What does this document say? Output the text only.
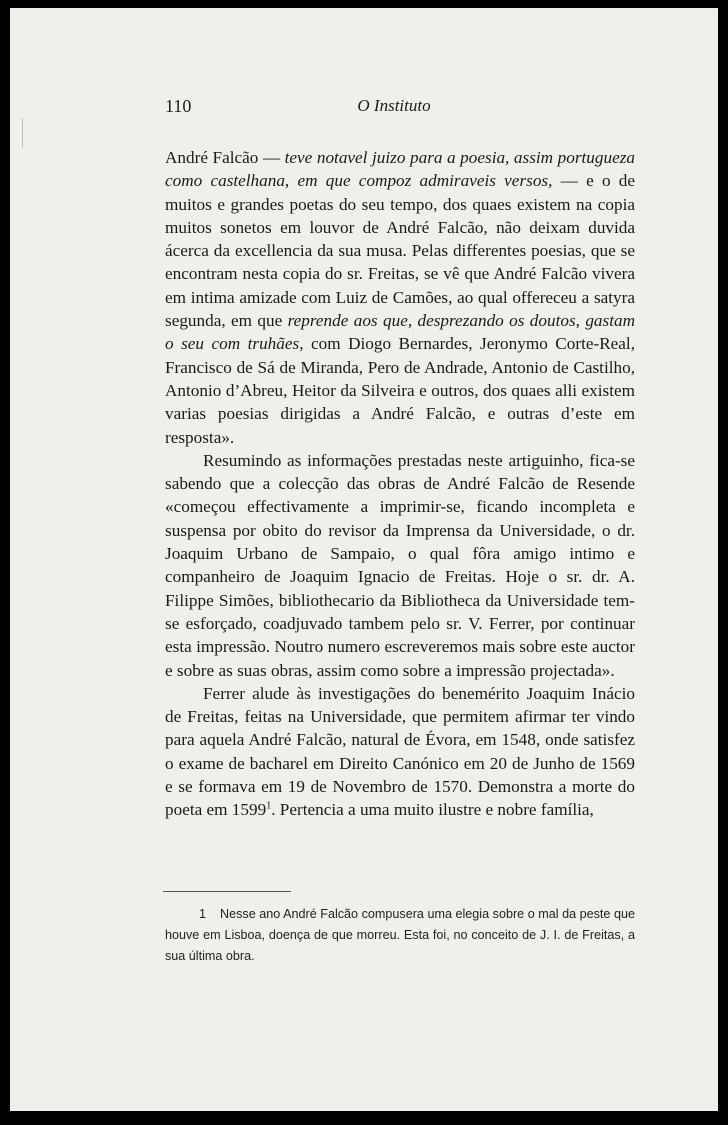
110	O Instituto

André Falcão — teve notavel juizo para a poesia, assim portugueza como castelhana, em que compoz admiraveis versos, — e o de muitos e grandes poetas do seu tempo, dos quaes existem na copia muitos sonetos em louvor de André Falcão, não deixam duvida ácerca da excellencia da sua musa. Pelas differentes poesias, que se encontram nesta copia do sr. Freitas, se vê que André Falcão vivera em intima amizade com Luiz de Camões, ao qual offereceu a satyra segunda, em que reprende aos que, desprezando os doutos, gastam o seu com truhães, com Diogo Bernardes, Jeronymo Corte-Real, Francisco de Sá de Miranda, Pero de Andrade, Antonio de Castilho, Antonio d’Abreu, Heitor da Silveira e outros, dos quaes alli existem varias poesias dirigidas a André Falcão, e outras d’este em resposta».

Resumindo as informações prestadas neste artiguinho, fica-se sabendo que a colecção das obras de André Falcão de Resende «começou effectivamente a imprimir-se, ficando incompleta e suspensa por obito do revisor da Imprensa da Universidade, o dr. Joaquim Urbano de Sampaio, o qual fôra amigo intimo e companheiro de Joaquim Ignacio de Freitas. Hoje o sr. dr. A. Filippe Simões, bibliothecario da Bibliotheca da Universidade tem-se esforçado, coadjuvado tambem pelo sr. V. Ferrer, por continuar esta impressão. Noutro numero escreveremos mais sobre este auctor e sobre as suas obras, assim como sobre a impressão projectada».

Ferrer alude às investigações do benemérito Joaquim Inácio de Freitas, feitas na Universidade, que permitem afirmar ter vindo para aquela André Falcão, natural de Évora, em 1548, onde satisfez o exame de bacharel em Direito Canónico em 20 de Junho de 1569 e se formava em 19 de Novembro de 1570. Demonstra a morte do poeta em 1599$^1$. Pertencia a uma muito ilustre e nobre família,

1 Nesse ano André Falcão compusera uma elegia sobre o mal da peste que houve em Lisboa, doença de que morreu. Esta foi, no conceito de J. I. de Freitas, a sua última obra.
